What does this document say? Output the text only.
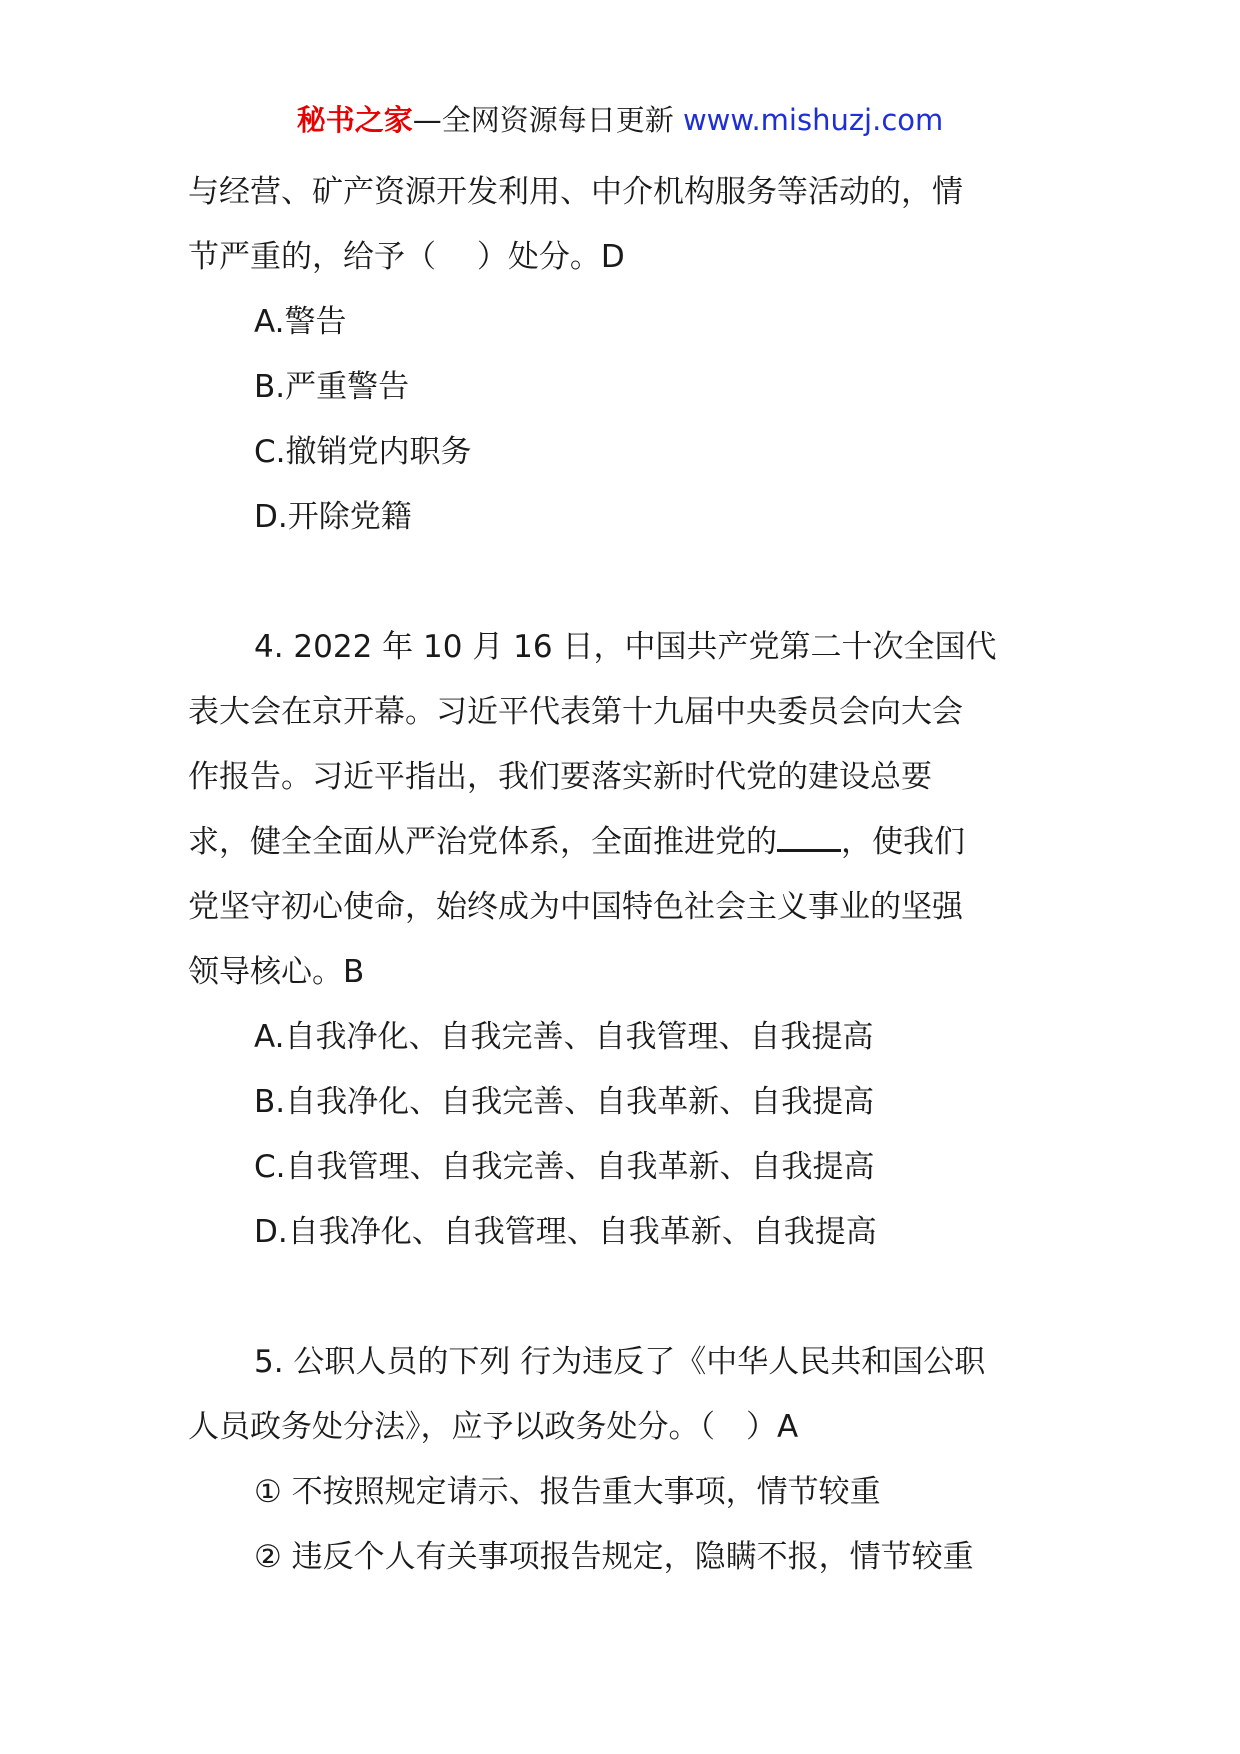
秘书之家—全网资源每日更新 www.mishuzj.com

与经营、矿产资源开发利用、中介机构服务等活动的，情

节严重的，给予（　 ）处分。D

A.警告

B.严重警告

C.撤销党内职务

D.开除党籍

4. 2022 年 10 月 16 日，中国共产党第二十次全国代

表大会在京开幕。习近平代表第十九届中央委员会向大会

作报告。习近平指出，我们要落实新时代党的建设总要

求，健全全面从严治党体系，全面推进党的 ，使我们

党坚守初心使命，始终成为中国特色社会主义事业的坚强

领导核心。B

A.自我净化、自我完善、自我管理、自我提高

B.自我净化、自我完善、自我革新、自我提高

C.自我管理、自我完善、自我革新、自我提高

D.自我净化、自我管理、自我革新、自我提高

5. 公职人员的下列 行为违反了《中华人民共和国公职

人员政务处分法》，应予以政务处分。（　）A

① 不按照规定请示、报告重大事项，情节较重

② 违反个人有关事项报告规定，隐瞒不报，情节较重
